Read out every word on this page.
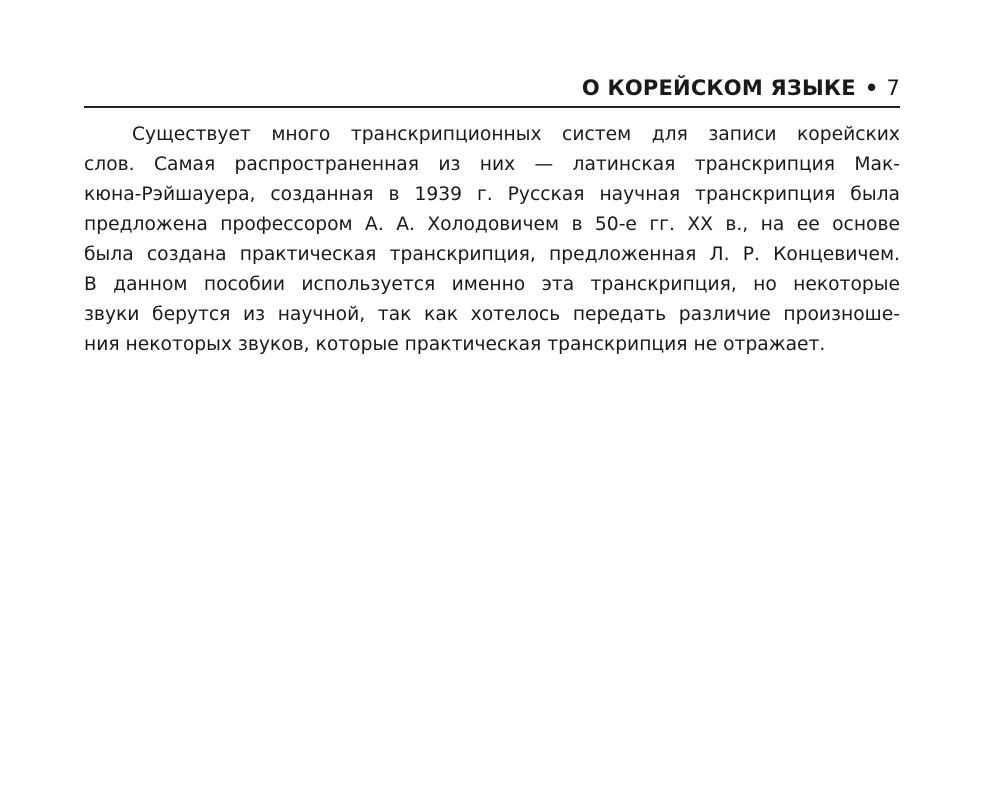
О КОРЕЙСКОМ ЯЗЫКЕ • 7
Существует много транскрипционных систем для записи корейских
слов. Самая распространенная из них — латинская транскрипция Мак-
кюна-Рэйшауера, созданная в 1939 г. Русская научная транскрипция была
предложена профессором А. А. Холодовичем в 50-е гг. XX в., на ее основе
была создана практическая транскрипция, предложенная Л. Р. Концевичем.
В данном пособии используется именно эта транскрипция, но некоторые
звуки берутся из научной, так как хотелось передать различие произноше-
ния некоторых звуков, которые практическая транскрипция не отражает.
